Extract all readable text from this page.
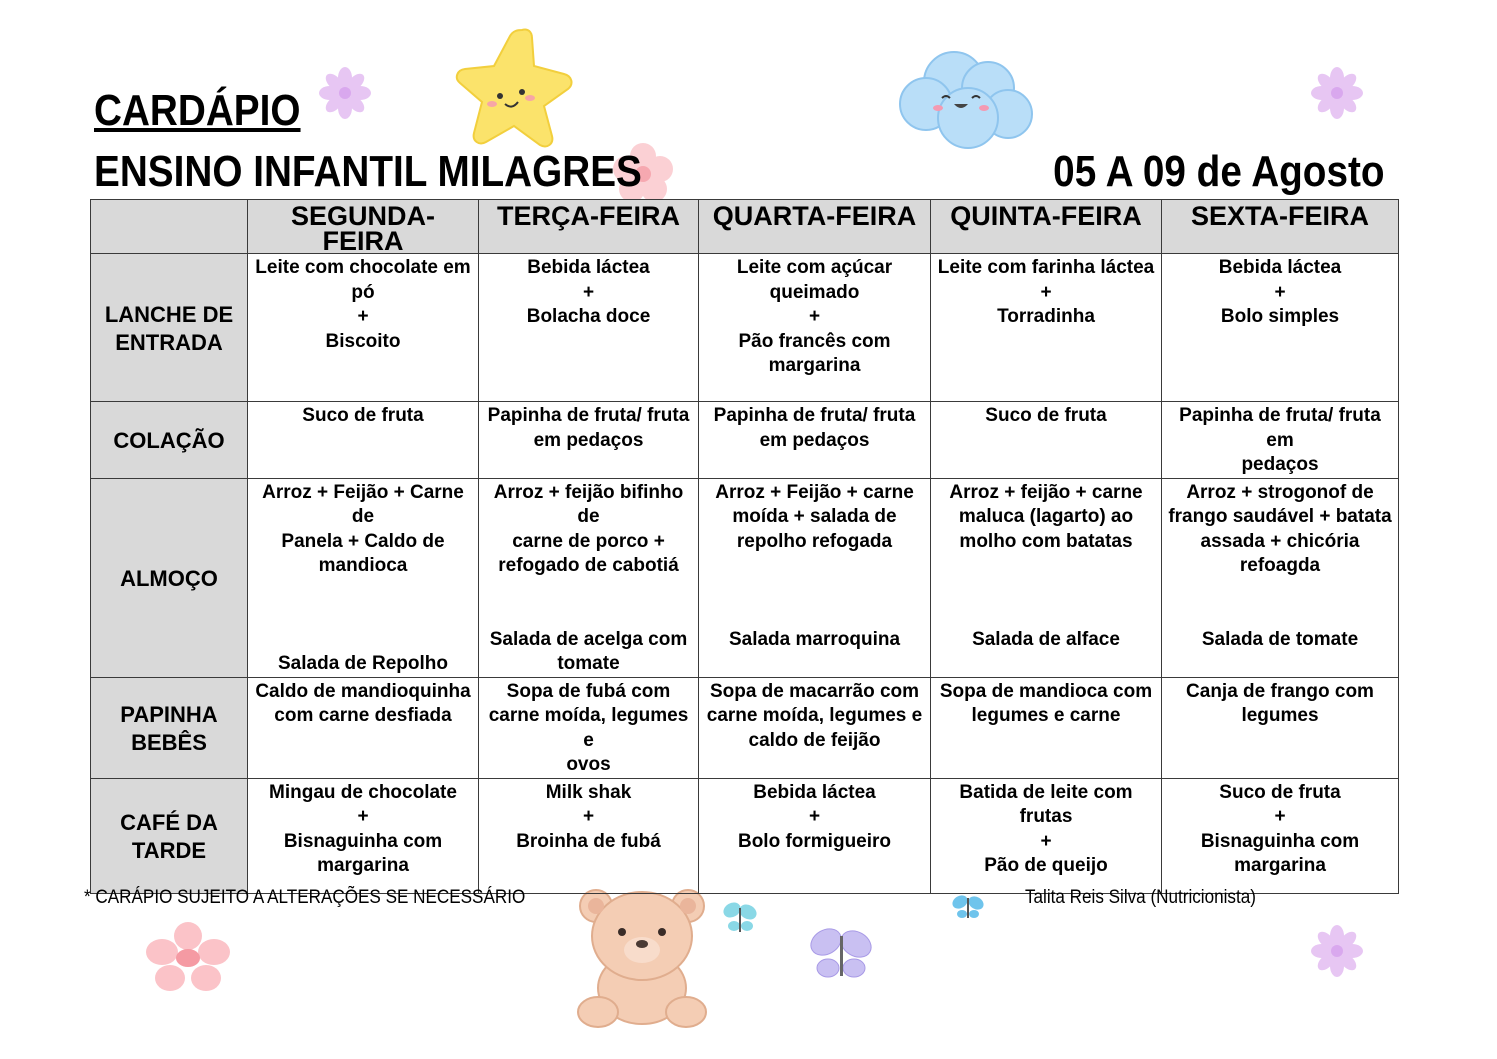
CARDÁPIO
ENSINO INFANTIL MILAGRES	05 A 09 de Agosto
	SEGUNDA-FEIRA	TERÇA-FEIRA	QUARTA-FEIRA	QUINTA-FEIRA	SEXTA-FEIRA
LANCHE DE ENTRADA	Leite com chocolate em
pó
+
Biscoito	Bebida láctea
+
Bolacha doce	Leite com açúcar
queimado
+
Pão francês com
margarina	Leite com farinha láctea
+
Torradinha	Bebida láctea
+
Bolo simples

COLAÇÃO	Suco de fruta	Papinha de fruta/ fruta
em pedaços	Papinha de fruta/ fruta
em pedaços	Suco de fruta	Papinha de fruta/ fruta em
pedaços

ALMOÇO	Arroz + Feijão + Carne de
Panela + Caldo de
mandioca
Salada de Repolho	Arroz + feijão bifinho de
carne de porco +
refogado de cabotiá
Salada de acelga com
tomate	Arroz + Feijão + carne
moída + salada de
repolho refogada
Salada marroquina	Arroz + feijão + carne
maluca (lagarto) ao
molho com batatas
Salada de alface	Arroz + strogonof de
frango saudável + batata
assada + chicória
refoagda
Salada de tomate

PAPINHA BEBÊS	Caldo de mandioquinha
com carne desfiada	Sopa de fubá com
carne moída, legumes e
ovos	Sopa de macarrão com
carne moída, legumes e
caldo de feijão	Sopa de mandioca com
legumes e carne	Canja de frango com
legumes

CAFÉ DA TARDE	Mingau de chocolate
+
Bisnaguinha com
margarina	Milk shak
+
Broinha de fubá	Bebida láctea
+
Bolo formigueiro	Batida de leite com
frutas
+
Pão de queijo	Suco de fruta
+
Bisnaguinha com
margarina
* CARÁPIO SUJEITO A ALTERAÇÕES SE NECESSÁRIO	Talita Reis Silva (Nutricionista)
